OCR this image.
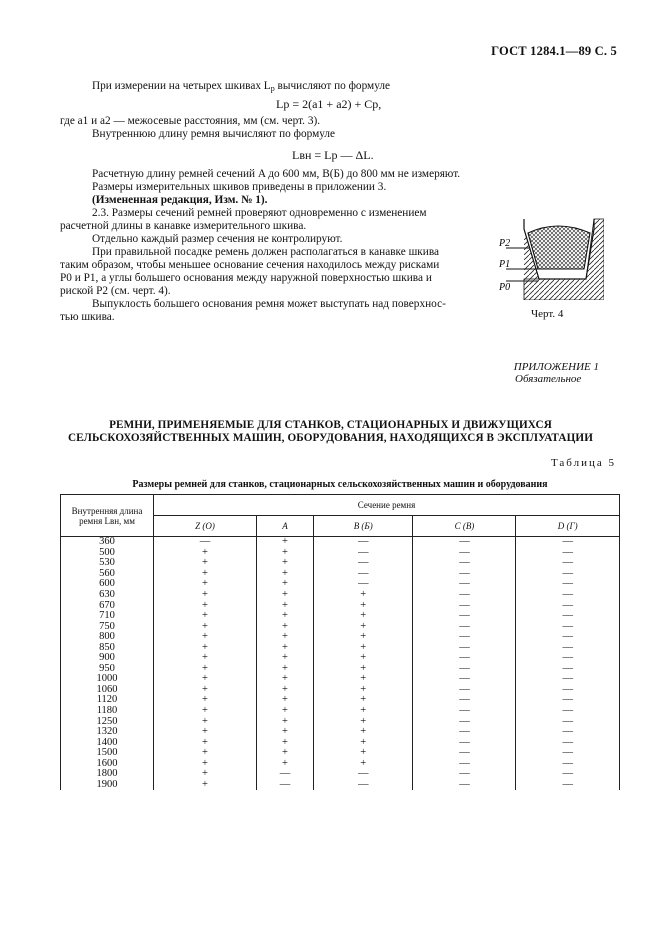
ГОСТ 1284.1—89 С. 5
При измерении на четырех шкивах $L_р$ вычисляют по формуле
Lр = 2(a1 + a2) + Cр,
где a1 и a2 — межосевые расстояния, мм (см. черт. 3).
Внутреннюю длину ремня вычисляют по формуле
Lвн = Lр — ΔL.
Расчетную длину ремней сечений A до 600 мм, B(Б) до 800 мм не измеряют.
Размеры измерительных шкивов приведены в приложении 3.
(Измененная редакция, Изм. № 1).
2.3. Размеры сечений ремней проверяют одновременно с изменением
расчетной длины в канавке измерительного шкива.
Отдельно каждый размер сечения не контролируют.
При правильной посадке ремень должен располагаться в канавке шкива
таким образом, чтобы меньшее основание сечения находилось между рисками
P0 и P1, а углы большего основания между наружной поверхностью шкива и
риской P2 (см. черт. 4).
Выпуклость большего основания ремня может выступать над поверхнос-
тью шкива.
P2
P1
P0
Черт. 4
ПРИЛОЖЕНИЕ 1
Обязательное
РЕМНИ, ПРИМЕНЯЕМЫЕ ДЛЯ СТАНКОВ, СТАЦИОНАРНЫХ И ДВИЖУЩИХСЯ
СЕЛЬСКОХОЗЯЙСТВЕННЫХ МАШИН, ОБОРУДОВАНИЯ, НАХОДЯЩИХСЯ В ЭКСПЛУАТАЦИИ
Таблица 5
Размеры ремней для станков, стационарных сельскохозяйственных машин и оборудования
Внутренняя длина
ремня Lвн, мм	Сечение ремня				
	Z (O)	A	B (Б)	C (B)	D (Г)
360	—	+	—	—	—
500	+	+	—	—	—
530	+	+	—	—	—
560	+	+	—	—	—
600	+	+	—	—	—
630	+	+	+	—	—
670	+	+	+	—	—
710	+	+	+	—	—
750	+	+	+	—	—
800	+	+	+	—	—
850	+	+	+	—	—
900	+	+	+	—	—
950	+	+	+	—	—
1000	+	+	+	—	—
1060	+	+	+	—	—
1120	+	+	+	—	—
1180	+	+	+	—	—
1250	+	+	+	—	—
1320	+	+	+	—	—
1400	+	+	+	—	—
1500	+	+	+	—	—
1600	+	+	+	—	—
1800	+	—	—	—	—
1900	+	—	—	—	—
